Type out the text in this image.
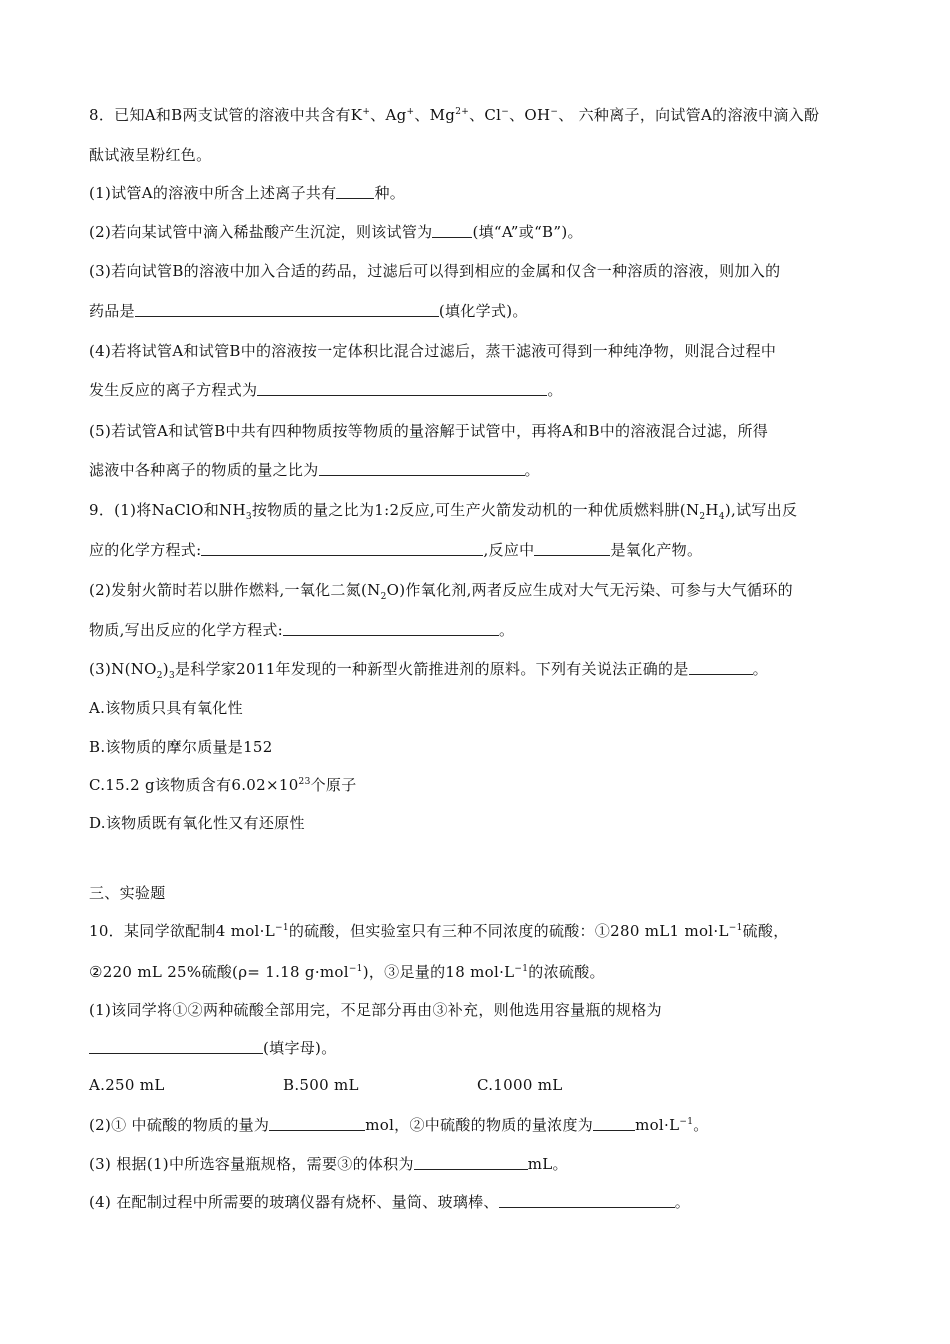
8．已知A和B两支试管的溶液中共含有K+、Ag+、$Mg^{2+}$、Cl−、OH−、 六种离子，向试管A的溶液中滴入酚
酞试液呈粉红色。
(1)试管A的溶液中所含上述离子共有	种。
(2)若向某试管中滴入稀盐酸产生沉淀，则该试管为	(填“A”或“B”)。
(3)若向试管B的溶液中加入合适的药品，过滤后可以得到相应的金属和仅含一种溶质的溶液，则加入的
药品是	(填化学式)。
(4)若将试管A和试管B中的溶液按一定体积比混合过滤后，蒸干滤液可得到一种纯净物，则混合过程中
发生反应的离子方程式为	。
(5)若试管A和试管B中共有四种物质按等物质的量溶解于试管中，再将A和B中的溶液混合过滤，所得
滤液中各种离子的物质的量之比为	。
9．(1)将NaClO和$NH_3$按物质的量之比为1:2反应,可生产火箭发动机的一种优质燃料肼$(N_2H_4)$,试写出反
应的化学方程式:	,反应中	是氧化产物。
(2)发射火箭时若以肼作燃料,一氧化二氮$(N_2O)$作氧化剂,两者反应生成对大气无污染、可参与大气循环的
物质,写出反应的化学方程式:	。
$(3)N(NO_2)_3$是科学家2011年发现的一种新型火箭推进剂的原料。下列有关说法正确的是	。
A.该物质只具有氧化性
B.该物质的摩尔质量是152
C.15.2 g该物质含有$6.02\times 10^{23}$个原子
D.该物质既有氧化性又有还原性
三、实验题
10．某同学欲配制4 $mol\cdot L^{-1}$的硫酸，但实验室只有三种不同浓度的硫酸：①280 mL1 $mol\cdot L^{-1}$硫酸，
②220 mL 25%硫酸(ρ= 1.18 g·mol$^{-1}$)，③足量的18 $mol\cdot L^{-1}$的浓硫酸。
(1)该同学将①②两种硫酸全部用完，不足部分再由③补充，则他选用容量瓶的规格为
(填字母)。
A.250 mL	B.500 mL	C.1000 mL
(2)① 中硫酸的物质的量为	mol，②中硫酸的物质的量浓度为	$mol\cdot L^{-1}$。
(3) 根据(1)中所选容量瓶规格，需要③的体积为	mL。
(4) 在配制过程中所需要的玻璃仪器有烧杯、量筒、玻璃棒、	。
